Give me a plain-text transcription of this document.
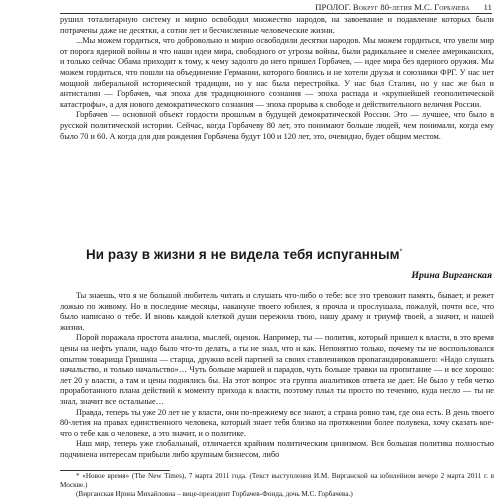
ПРОЛОГ. Вокруг 80-летия М.С. Горбачева 11

рушил тоталитарную систему и мирно освободил множество народов, на завоевание и подавление которых были потрачены даже не десятки, а сотни лет и бесчисленные человеческие жизни.

...Мы можем гордиться, что добровольно и мирно освободили десятки народов. Мы можем гордиться, что увели мир от порога ядерной войны и что наши идеи мира, свободного от угрозы войны, были радикальнее и смелее американских, и только сейчас Обама приходит к тому, к чему задолго до него пришел Горбачев, — идее мира без ядерного оружия. Мы можем гордиться, что пошли на объединение Германии, которого боялись и не хотели друзья и союзники ФРГ. У нас нет мощной либеральной исторической традиции, но у нас была перестройка. У нас был Сталин, но у нас же был и антисталин — Горбачев, чья эпоха для традиционного сознания — эпоха распада и «крупнейшей геополитической катастрофы», а для нового демократического сознания — эпоха прорыва к свободе и действительного величия России.

Горбачев — основной объект гордости прошлым в будущей демократической России. Это — лучшее, что было в русской политической истории. Сейчас, когда Горбачеву 80 лет, это понимают больше людей, чем понимали, когда ему было 70 и 60. А когда для дня рождения Горбачева будут 100 и 120 лет, это, очевидно, будет общим местом.

Ни разу в жизни я не видела тебя испуганным*
Ирина Вирганская

Ты знаешь, что я не большой любитель читать и слушать что-либо о тебе: все это тревожит память, бывает, и режет ложью по живому. Но в последние месяцы, накануне твоего юбилея, я прочла и прослушала, пожалуй, почти все, что было написано о тебе. И вновь каждой клеткой души пережила твою, нашу драму и триумф твоей, а значит, и нашей жизни.

Порой поражала простота анализа, мыслей, оценок. Например, ты — политик, который пришел к власти, в это время цены на нефть упали, надо было что-то делать, а ты не знал, что и как. Непонятно только, почему ты не воспользовался опытом товарища Гришина — старца, дружно всей партией за своих ставленников пропагандировавшего: «Надо слушать начальство, и только начальство»… Чуть больше маршей и парадов, чуть больше травки на пропитание — и все хорошо: лет 20 у власти, а там и цены поднялись бы. На этот вопрос эта группа аналитиков ответа не дает. Не было у тебя четко проработанного плана действий к моменту прихода к власти, поэтому плыл ты просто по течению, куда несло — ты не знал, значит все остальные…

Правда, теперь ты уже 20 лет не у власти, они по-прежнему все знают, а страна ровно там, где она есть. В день твоего 80-летия на правах единственного человека, который знает тебя близко на протяжении более полувека, хочу сказать кое-что о тебе как о человеке, а это значит, и о политике.

Наш мир, теперь уже глобальный, отличается крайним политическим цинизмом. Вся большая политика полностью подчинена интересам прибыли либо крупным бизнесом, либо

* «Новое время» (The New Times), 7 марта 2011 года. (Текст выступления И.М. Вирганской на юбилейном вечере 2 марта 2011 г. в Москве.)

(Вирганская Ирина Михайловна – вице-президент Горбачев-Фонда, дочь М.С. Горбачева.)
